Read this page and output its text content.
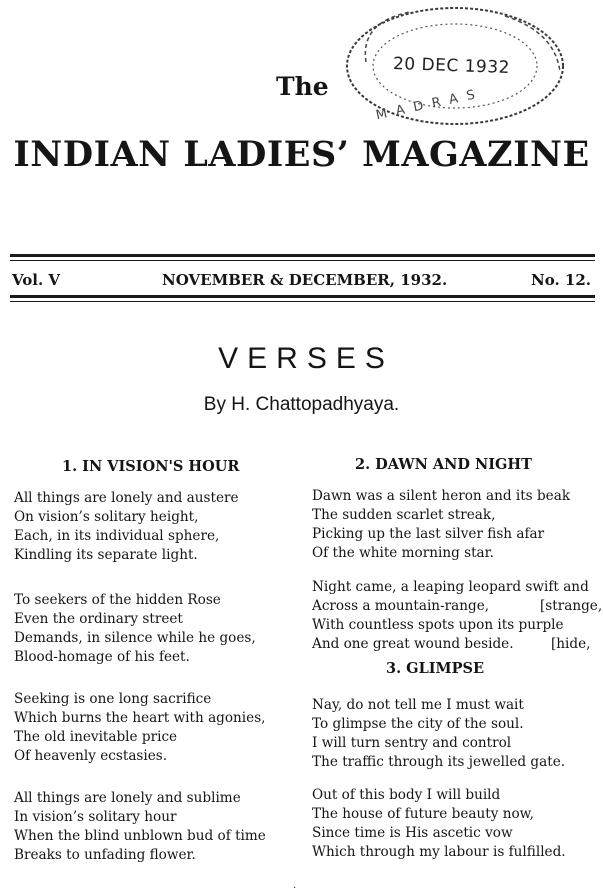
20 DEC 1932
MADRAS
The
INDIAN LADIES’ MAGAZINE
Vol. V	NOVEMBER & DECEMBER, 1932.	No. 12.
VERSES
By H. Chattopadhyaya.
1. IN VISION'S HOUR
All things are lonely and austere
On vision’s solitary height,
Each, in its individual sphere,
Kindling its separate light.
To seekers of the hidden Rose
Even the ordinary street
Demands, in silence while he goes,
Blood-homage of his feet.
Seeking is one long sacrifice
Which burns the heart with agonies,
The old inevitable price
Of heavenly ecstasies.
All things are lonely and sublime
In vision’s solitary hour
When the blind unblown bud of time
Breaks to unfading flower.
2. DAWN AND NIGHT
Dawn was a silent heron and its beak
The sudden scarlet streak,
Picking up the last silver fish afar
Of the white morning star.
Night came, a leaping leopard swift and
Across a mountain-range,
With countless spots upon its purple
And one great wound beside.
[strange,
[hide,
3. GLIMPSE
Nay, do not tell me I must wait
To glimpse the city of the soul.
I will turn sentry and control
The traffic through its jewelled gate.
Out of this body I will build
The house of future beauty now,
Since time is His ascetic vow
Which through my labour is fulfilled.
.
